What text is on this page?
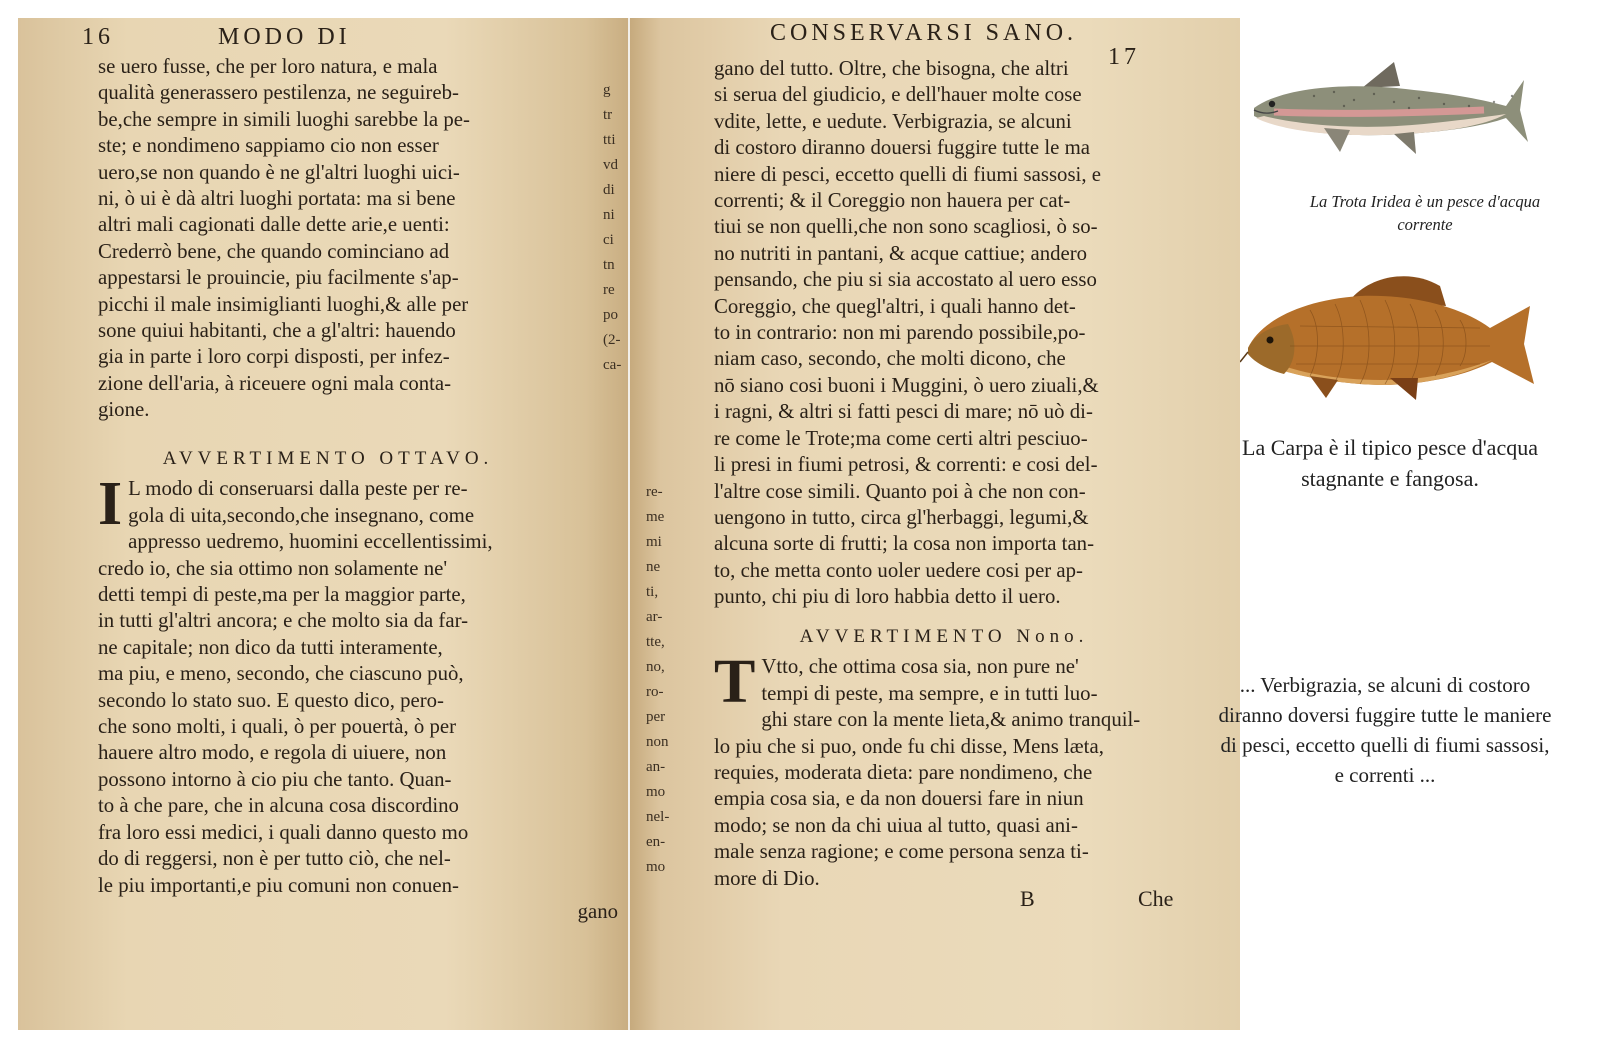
16	MODO DI
se uero fusse, che per loro natura, e mala
qualità generassero pestilenza, ne seguireb-
be,che sempre in simili luoghi sarebbe la pe-
ste; e nondimeno sappiamo cio non esser
uero,se non quando è ne gl'altri luoghi uici-
ni, ò ui è dà altri luoghi portata: ma si bene
altri mali cagionati dalle dette arie,e uenti:
Crederrò bene, che quando cominciano ad
appestarsi le prouincie, piu facilmente s'ap-
picchi il male insimiglianti luoghi,& alle per
sone quiui habitanti, che a gl'altri: hauendo
gia in parte i loro corpi disposti, per infez-
zione dell'aria, à riceuere ogni mala conta-
gione.
AVVERTIMENTO OTTAVO.
I L modo di conseruarsi dalla peste per re-
gola di uita,secondo,che insegnano, come
appresso uedremo, huomini eccellentissimi,
credo io, che sia ottimo non solamente ne'
detti tempi di peste,ma per la maggior parte,
in tutti gl'altri ancora; e che molto sia da far-
ne capitale; non dico da tutti interamente,
ma piu, e meno, secondo, che ciascuno può,
secondo lo stato suo. E questo dico, pero-
che sono molti, i quali, ò per pouertà, ò per
hauere altro modo, e regola di uiuere, non
possono intorno à cio piu che tanto. Quan-
to à che pare, che in alcuna cosa discordino
fra loro essi medici, i quali danno questo mo
do di reggersi, non è per tutto ciò, che nel-
le piu importanti,e piu comuni non conuen-
gano
g
tr
tti
vd
di
ni
ci
tn
re
po
(2-
ca-
CONSERVARSI SANO.
17
gano del tutto. Oltre, che bisogna, che altri
si serua del giudicio, e dell'hauer molte cose
vdite, lette, e uedute. Verbigrazia, se alcuni
di costoro diranno douersi fuggire tutte le ma
niere di pesci, eccetto quelli di fiumi sassosi, e
correnti; & il Coreggio non hauera per cat-
tiui se non quelli,che non sono scagliosi, ò so-
no nutriti in pantani, & acque cattiue; andero
pensando, che piu si sia accostato al uero esso
Coreggio, che quegl'altri, i quali hanno det-
to in contrario: non mi parendo possibile,po-
niam caso, secondo, che molti dicono, che
nō siano cosi buoni i Muggini, ò uero ziuali,&
i ragni, & altri si fatti pesci di mare; nō uò di-
re come le Trote;ma come certi altri pesciuo-
li presi in fiumi petrosi, & correnti: e cosi del-
l'altre cose simili. Quanto poi à che non con-
uengono in tutto, circa gl'herbaggi, legumi,&
alcuna sorte di frutti; la cosa non importa tan-
to, che metta conto uoler uedere cosi per ap-
punto, chi piu di loro habbia detto il uero.
AVVERTIMENTO Nono.
T Vtto, che ottima cosa sia, non pure ne'
tempi di peste, ma sempre, e in tutti luo-
ghi stare con la mente lieta,& animo tranquil-
lo piu che si puo, onde fu chi disse, Mens læta,
requies, moderata dieta: pare nondimeno, che
empia cosa sia, e da non douersi fare in niun
modo; se non da chi uiua al tutto, quasi ani-
male senza ragione; e come persona senza ti-
more di Dio.
B	Che
re-
me
mi
ne
ti,
ar-
tte,
no,
ro-
per
non
an-
mo
nel-
en-
mo
La Trota Iridea è un pesce d'acqua corrente
La Carpa è il tipico pesce d'acqua stagnante e fangosa.
... Verbigrazia, se alcuni di costoro diranno doversi fuggire tutte le maniere di pesci, eccetto quelli di fiumi sassosi, e correnti ...
